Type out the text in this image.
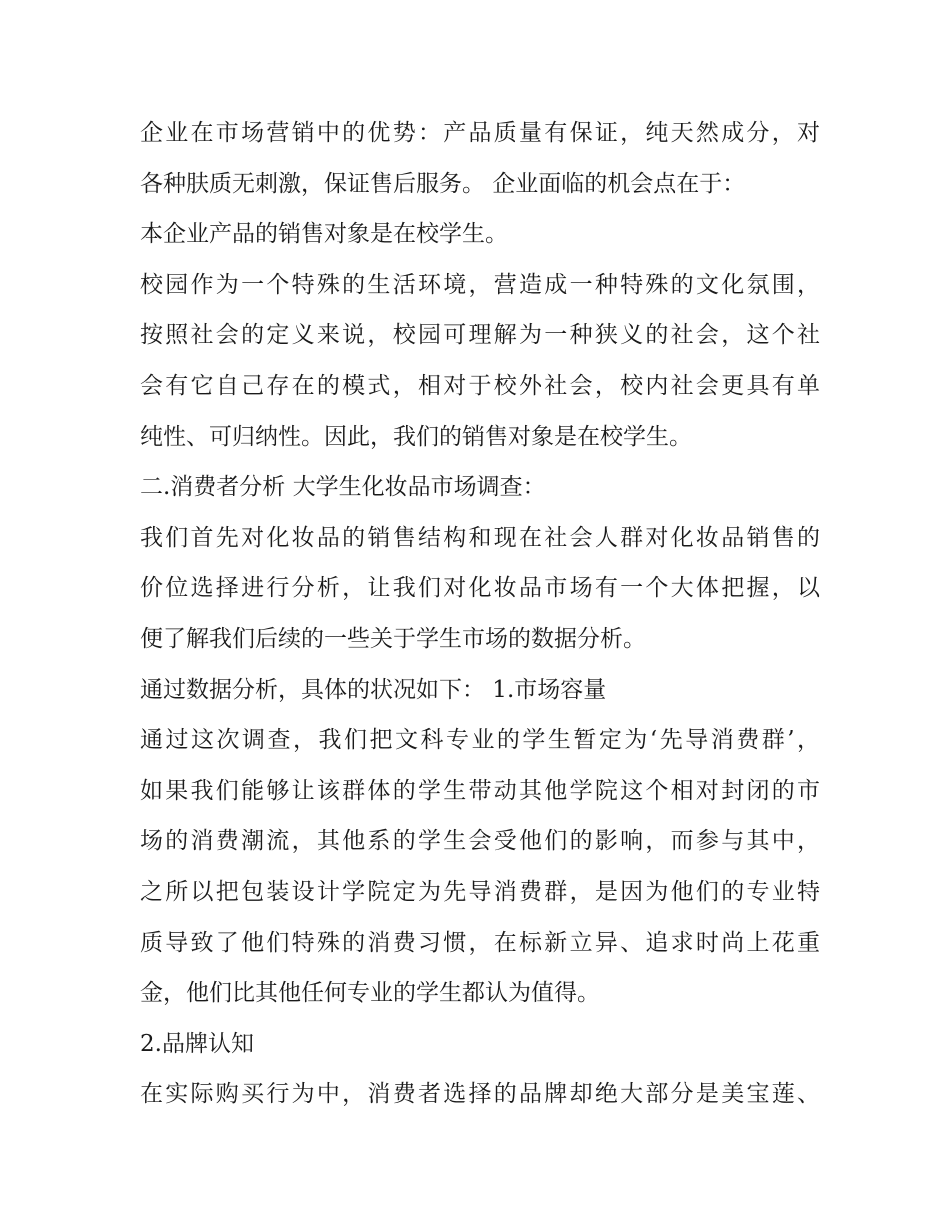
企业在市场营销中的优势：产品质量有保证，纯天然成分，对
各种肤质无刺激，保证售后服务。 企业面临的机会点在于：
本企业产品的销售对象是在校学生。
校园作为一个特殊的生活环境，营造成一种特殊的文化氛围，
按照社会的定义来说，校园可理解为一种狭义的社会，这个社
会有它自己存在的模式，相对于校外社会，校内社会更具有单
纯性、可归纳性。因此，我们的销售对象是在校学生。
二.消费者分析 大学生化妆品市场调查：
我们首先对化妆品的销售结构和现在社会人群对化妆品销售的
价位选择进行分析，让我们对化妆品市场有一个大体把握，以
便了解我们后续的一些关于学生市场的数据分析。
通过数据分析，具体的状况如下： 1.市场容量
通过这次调查，我们把文科专业的学生暂定为‘先导消费群’，
如果我们能够让该群体的学生带动其他学院这个相对封闭的市
场的消费潮流，其他系的学生会受他们的影响，而参与其中，
之所以把包装设计学院定为先导消费群，是因为他们的专业特
质导致了他们特殊的消费习惯，在标新立异、追求时尚上花重
金，他们比其他任何专业的学生都认为值得。
2.品牌认知
在实际购买行为中，消费者选择的品牌却绝大部分是美宝莲、
